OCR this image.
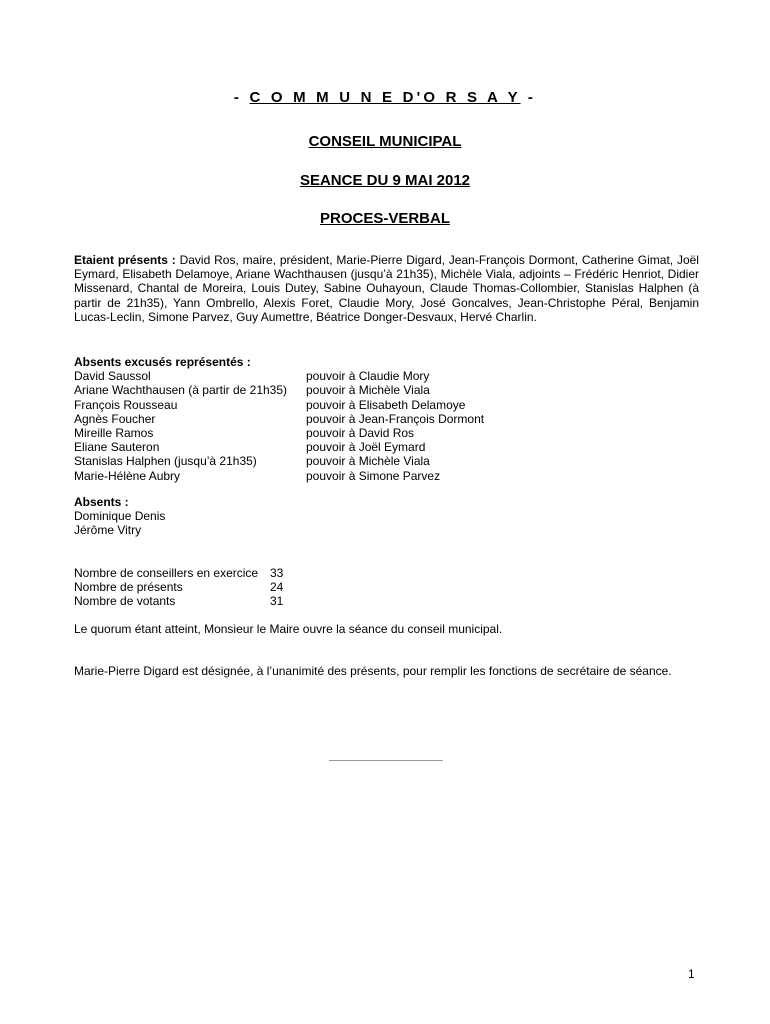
- C O M M U N E D'O R S A Y -
CONSEIL MUNICIPAL
SEANCE DU 9 MAI 2012
PROCES-VERBAL
Etaient présents : David Ros, maire, président, Marie-Pierre Digard, Jean-François Dormont, Catherine Gimat, Joël Eymard, Elisabeth Delamoye, Ariane Wachthausen (jusqu’à 21h35), Michèle Viala, adjoints – Frédéric Henriot, Didier Missenard, Chantal de Moreira, Louis Dutey, Sabine Ouhayoun, Claude Thomas-Collombier, Stanislas Halphen (à partir de 21h35), Yann Ombrello, Alexis Foret, Claudie Mory, José Goncalves, Jean-Christophe Péral, Benjamin Lucas-Leclin, Simone Parvez, Guy Aumettre, Béatrice Donger-Desvaux, Hervé Charlin.
Absents excusés représentés :
David Saussol	pouvoir à Claudie Mory
Ariane Wachthausen (à partir de 21h35)	pouvoir à Michèle Viala
François Rousseau	pouvoir à Elisabeth Delamoye
Agnès Foucher	pouvoir à Jean-François Dormont
Mireille Ramos	pouvoir à David Ros
Eliane Sauteron	pouvoir à Joël Eymard
Stanislas Halphen (jusqu’à 21h35)	pouvoir à Michèle Viala
Marie-Hélène Aubry	pouvoir à Simone Parvez
Absents :
Dominique Denis
Jérôme Vitry
Nombre de conseillers en exercice 33
Nombre de présents	24
Nombre de votants	31
Le quorum étant atteint, Monsieur le Maire ouvre la séance du conseil municipal.
Marie-Pierre Digard est désignée, à l’unanimité des présents, pour remplir les fonctions de secrétaire de séance.
1
